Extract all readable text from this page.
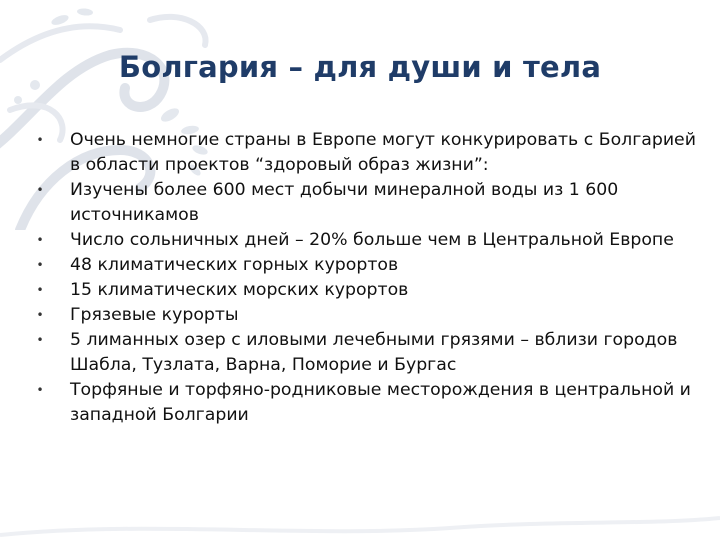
Болгария – для души и тела
•	Очень немногие страны в Европе могут конкурировать с Болгарией в области проектов “здоровый образ жизни”:
•	Изучены более 600 мест добычи минералной воды из 1 600 источникамов
•	Число сольничных дней – 20% больше чем в Центральной Европе
•	48 климатических горных курортов
•	15 климатических морских курортов
•	Грязевые курорты
•	5 лиманных озер с иловыми лечебными грязями – вблизи городов Шабла, Тузлата, Варна, Поморие и Бургас
•	Торфяные и торфяно-родниковые месторождения в центральной и западной Болгарии
